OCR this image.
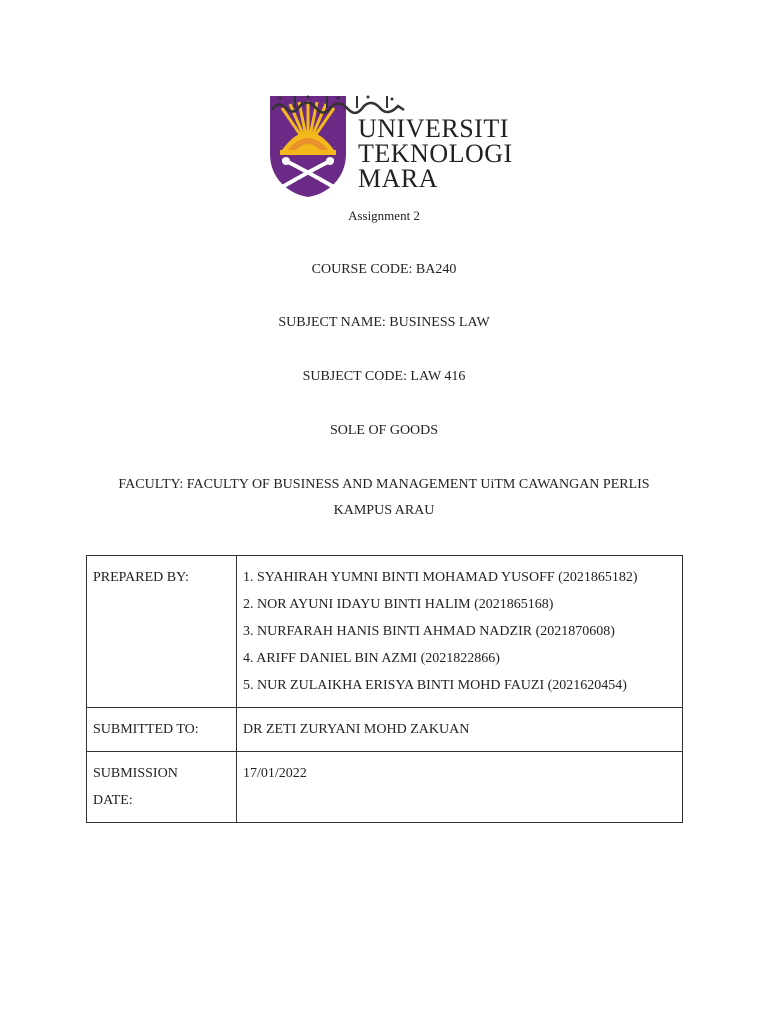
UNIVERSITI
TEKNOLOGI
MARA
Assignment 2
COURSE CODE: BA240
SUBJECT NAME: BUSINESS LAW
SUBJECT CODE: LAW 416
SOLE OF GOODS
FACULTY: FACULTY OF BUSINESS AND MANAGEMENT UiTM CAWANGAN PERLIS
KAMPUS ARAU
PREPARED BY:	1. SYAHIRAH YUMNI BINTI MOHAMAD YUSOFF (2021865182)
2. NOR AYUNI IDAYU BINTI HALIM (2021865168)
3. NURFARAH HANIS BINTI AHMAD NADZIR (2021870608)
4. ARIFF DANIEL BIN AZMI (2021822866)
5. NUR ZULAIKHA ERISYA BINTI MOHD FAUZI (2021620454)

SUBMITTED TO:	DR ZETI ZURYANI MOHD ZAKUAN

SUBMISSION
DATE:	17/01/2022
